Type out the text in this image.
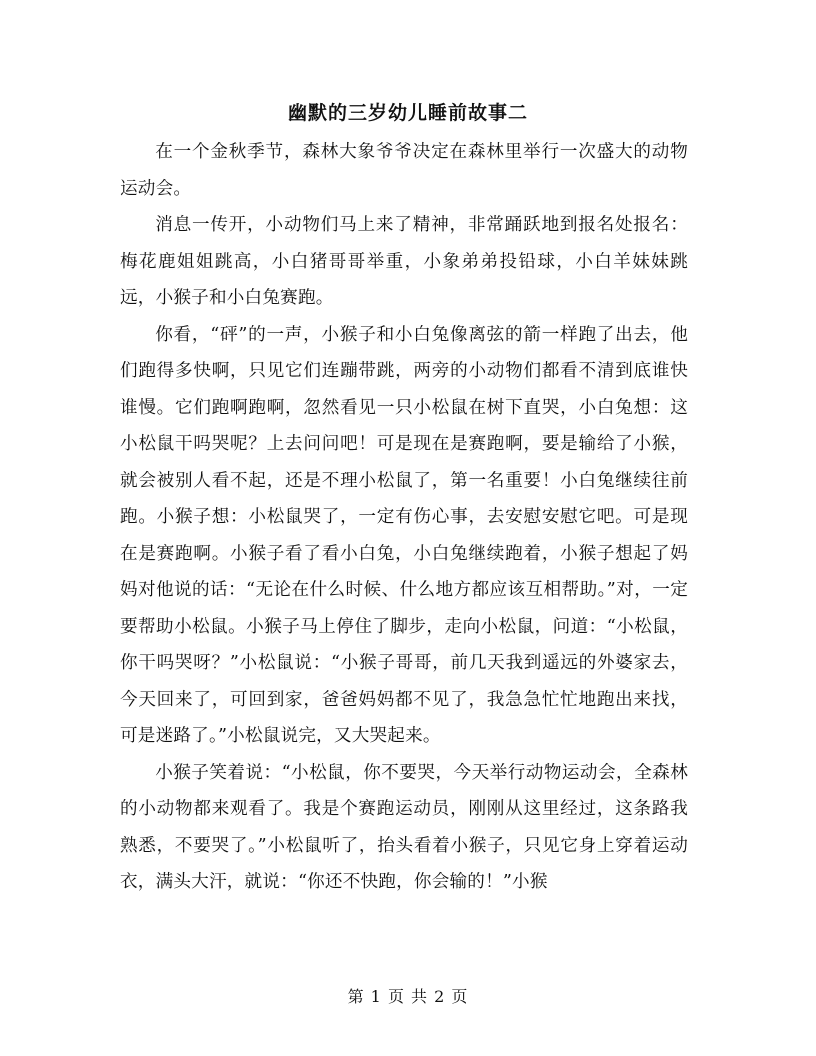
幽默的三岁幼儿睡前故事二

在一个金秋季节，森林大象爷爷决定在森林里举行一次盛大的动物运动会。

消息一传开，小动物们马上来了精神，非常踊跃地到报名处报名：梅花鹿姐姐跳高，小白猪哥哥举重，小象弟弟投铅球，小白羊妹妹跳远，小猴子和小白兔赛跑。

你看，“砰”的一声，小猴子和小白兔像离弦的箭一样跑了出去，他们跑得多快啊，只见它们连蹦带跳，两旁的小动物们都看不清到底谁快谁慢。它们跑啊跑啊，忽然看见一只小松鼠在树下直哭，小白兔想：这小松鼠干吗哭呢？上去问问吧！可是现在是赛跑啊，要是输给了小猴，就会被别人看不起，还是不理小松鼠了，第一名重要！小白兔继续往前跑。小猴子想：小松鼠哭了，一定有伤心事，去安慰安慰它吧。可是现在是赛跑啊。小猴子看了看小白兔，小白兔继续跑着，小猴子想起了妈妈对他说的话：“无论在什么时候、什么地方都应该互相帮助。”对，一定要帮助小松鼠。小猴子马上停住了脚步，走向小松鼠，问道：“小松鼠，你干吗哭呀？”小松鼠说：“小猴子哥哥，前几天我到遥远的外婆家去，今天回来了，可回到家，爸爸妈妈都不见了，我急急忙忙地跑出来找，可是迷路了。”小松鼠说完，又大哭起来。

小猴子笑着说：“小松鼠，你不要哭，今天举行动物运动会，全森林的小动物都来观看了。我是个赛跑运动员，刚刚从这里经过，这条路我熟悉，不要哭了。”小松鼠听了，抬头看着小猴子，只见它身上穿着运动衣，满头大汗，就说：“你还不快跑，你会输的！”小猴

第 1 页 共 2 页
